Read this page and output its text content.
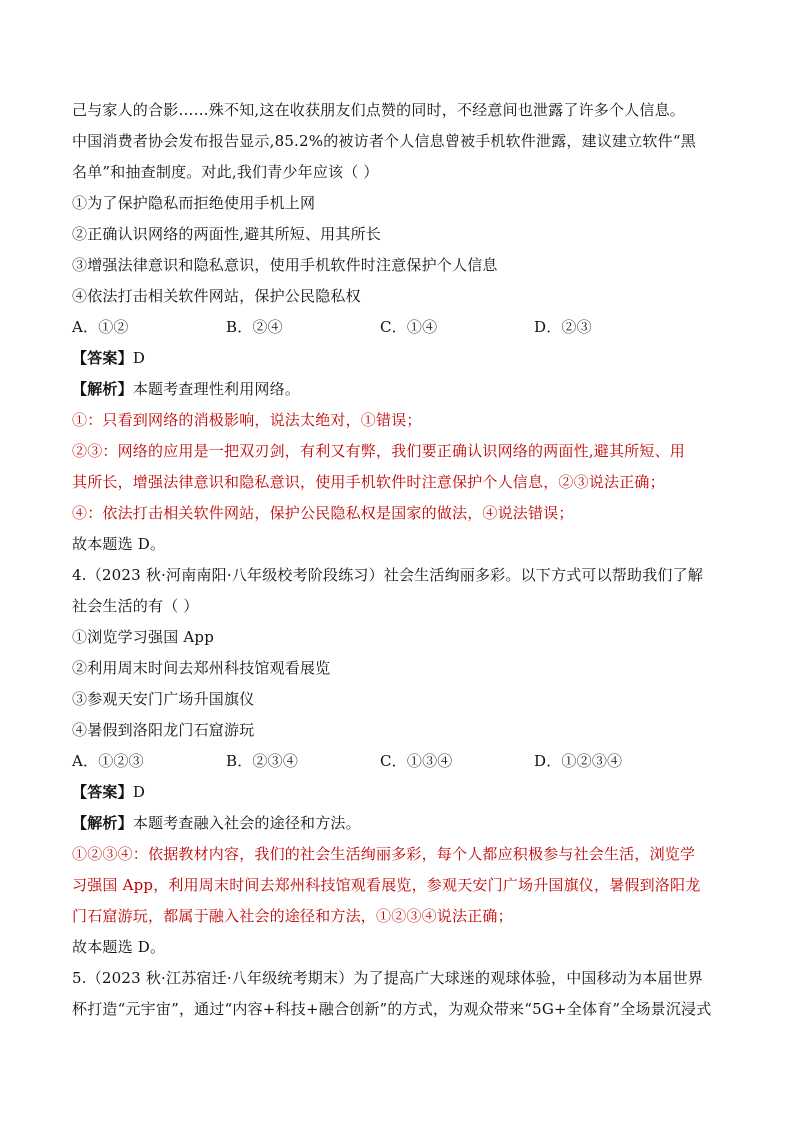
己与家人的合影……殊不知,这在收获朋友们点赞的同时，不经意间也泄露了许多个人信息。
中国消费者协会发布报告显示,85.2%的被访者个人信息曾被手机软件泄露，建议建立软件“黑
名单”和抽查制度。对此,我们青少年应该（ ）
①为了保护隐私而拒绝使用手机上网
②正确认识网络的两面性,避其所短、用其所长
③增强法律意识和隐私意识，使用手机软件时注意保护个人信息
④依法打击相关软件网站，保护公民隐私权
A．①②	B．②④	C．①④	D．②③
【答案】D
【解析】本题考查理性利用网络。
①：只看到网络的消极影响，说法太绝对，①错误；
②③：网络的应用是一把双刃剑，有利又有弊，我们要正确认识网络的两面性,避其所短、用
其所长，增强法律意识和隐私意识，使用手机软件时注意保护个人信息，②③说法正确；
④：依法打击相关软件网站，保护公民隐私权是国家的做法，④说法错误；
故本题选 D。
4.（2023 秋·河南南阳·八年级校考阶段练习）社会生活绚丽多彩。以下方式可以帮助我们了解
社会生活的有（ ）
①浏览学习强国 App
②利用周末时间去郑州科技馆观看展览
③参观天安门广场升国旗仪
④暑假到洛阳龙门石窟游玩
A．①②③	B．②③④	C．①③④	D．①②③④
【答案】D
【解析】本题考查融入社会的途径和方法。
①②③④：依据教材内容，我们的社会生活绚丽多彩，每个人都应积极参与社会生活，浏览学
习强国 App，利用周末时间去郑州科技馆观看展览，参观天安门广场升国旗仪，暑假到洛阳龙
门石窟游玩，都属于融入社会的途径和方法，①②③④说法正确；
故本题选 D。
5.（2023 秋·江苏宿迁·八年级统考期末）为了提高广大球迷的观球体验，中国移动为本届世界
杯打造“元宇宙”，通过“内容+科技+融合创新”的方式，为观众带来“5G+全体育”全场景沉浸式
